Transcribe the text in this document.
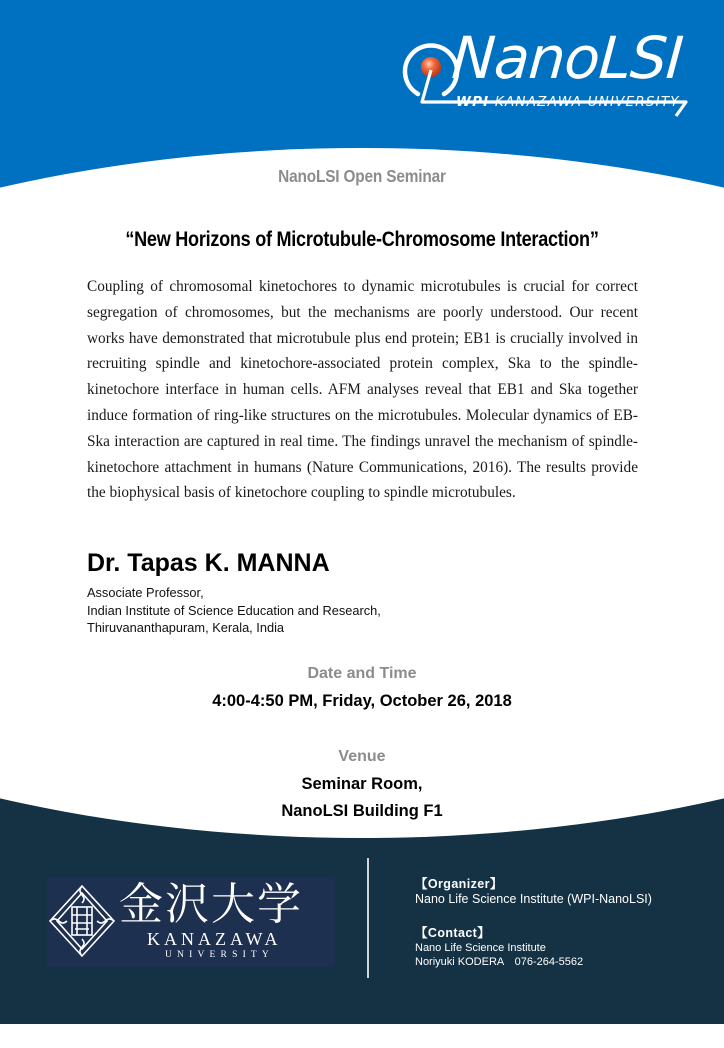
NanoLSI
WPI KANAZAWA UNIVERSITY
NanoLSI Open Seminar
“New Horizons of Microtubule-Chromosome Interaction”
Coupling of chromosomal kinetochores to dynamic microtubules is crucial for correct segregation of chromosomes, but the mechanisms are poorly understood. Our recent works have demonstrated that microtubule plus end protein; EB1 is crucially involved in recruiting spindle and kinetochore-associated protein complex, Ska to the spindle-kinetochore interface in human cells. AFM analyses reveal that EB1 and Ska together induce formation of ring-like structures on the microtubules. Molecular dynamics of EB-Ska interaction are captured in real time. The findings unravel the mechanism of spindle-kinetochore attachment in humans (Nature Communications, 2016). The results provide the biophysical basis of kinetochore coupling to spindle microtubules.
Dr. Tapas K. MANNA
Associate Professor,
Indian Institute of Science Education and Research,
Thiruvananthapuram, Kerala, India
Date and Time
4:00-4:50 PM, Friday, October 26, 2018
Venue
Seminar Room,
NanoLSI Building F1
金沢大学
KANAZAWA
UNIVERSITY
【Organizer】
Nano Life Science Institute (WPI-NanoLSI)
【Contact】
Nano Life Science Institute
Noriyuki KODERA　076-264-5562
